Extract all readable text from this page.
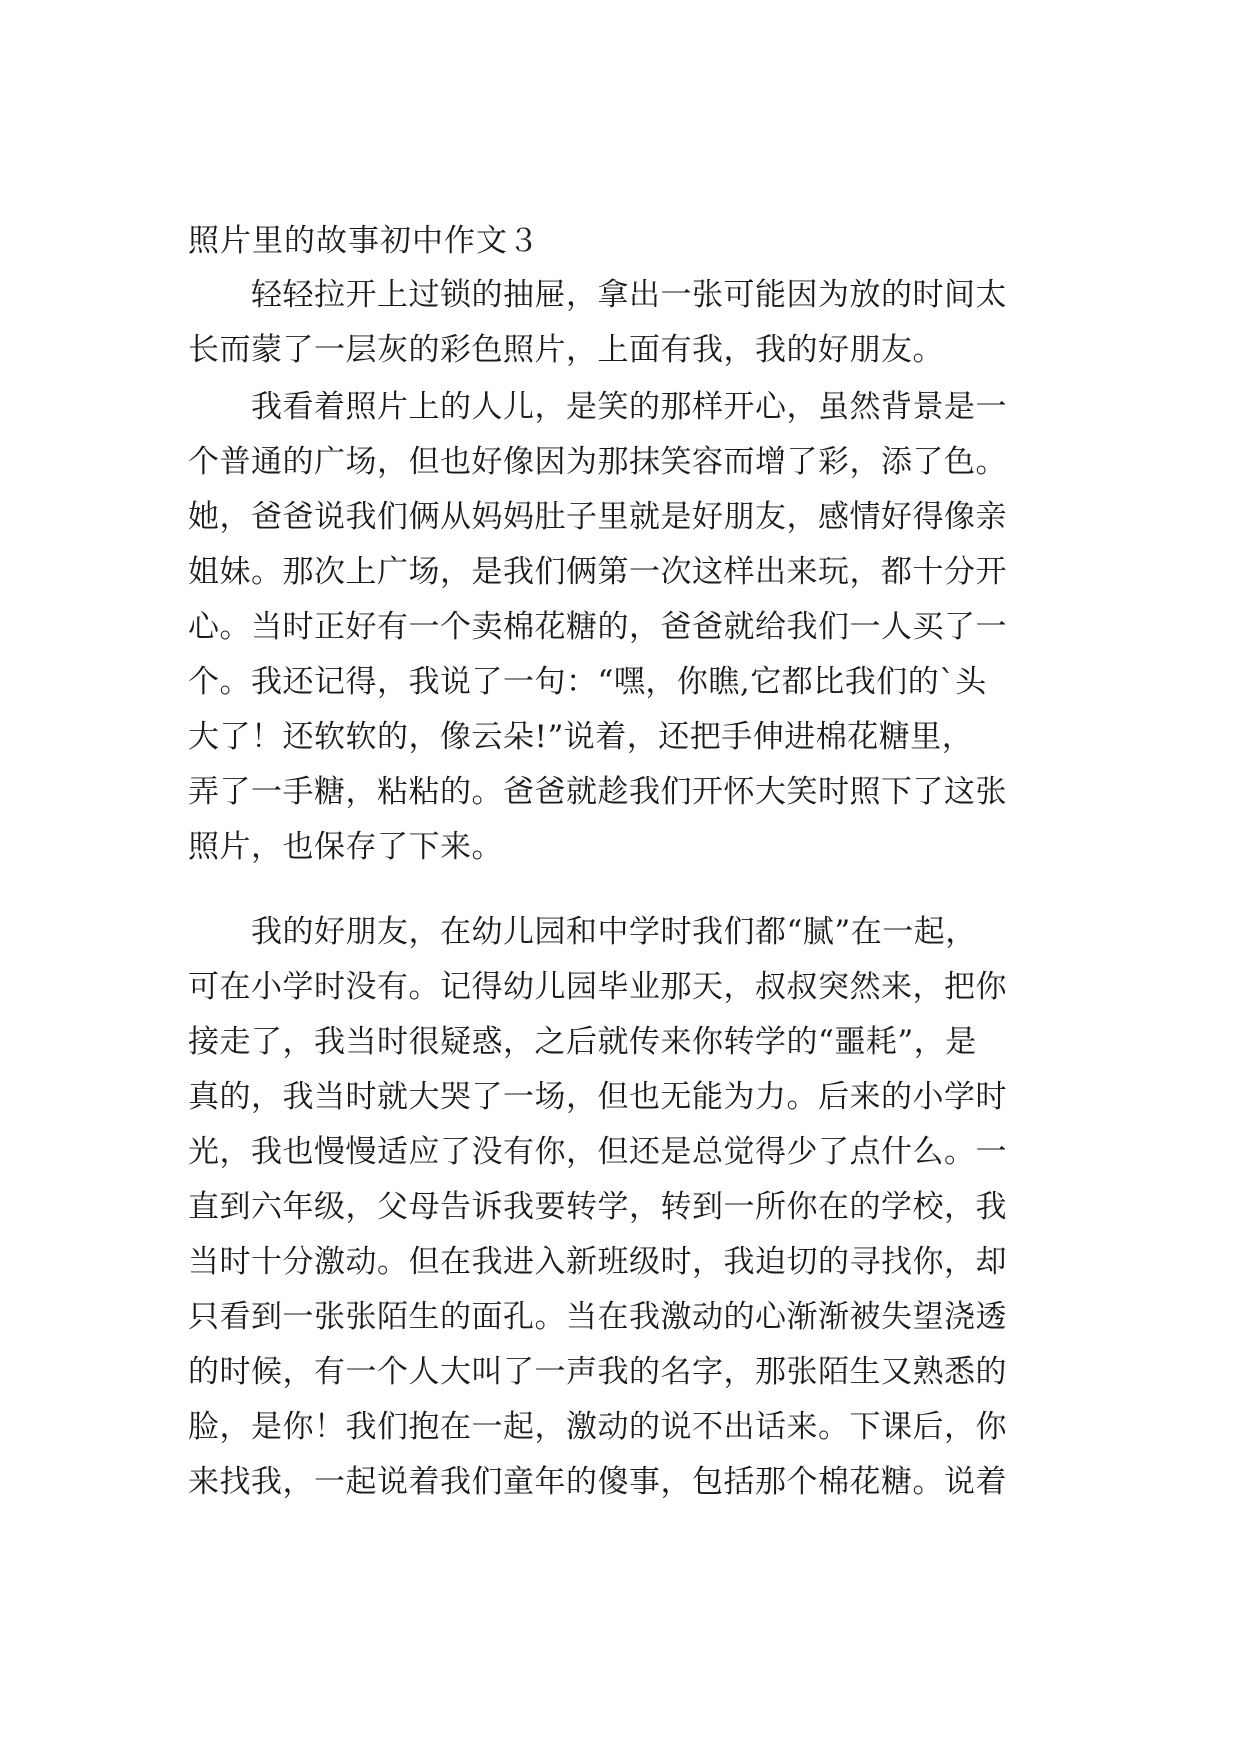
照片里的故事初中作文３
　　轻轻拉开上过锁的抽屉，拿出一张可能因为放的时间太
长而蒙了一层灰的彩色照片，上面有我，我的好朋友。
　　我看着照片上的人儿，是笑的那样开心，虽然背景是一
个普通的广场，但也好像因为那抹笑容而增了彩，添了色。
她，爸爸说我们俩从妈妈肚子里就是好朋友，感情好得像亲
姐妹。那次上广场，是我们俩第一次这样出来玩，都十分开
心。当时正好有一个卖棉花糖的，爸爸就给我们一人买了一
个。我还记得，我说了一句：“嘿，你瞧,它都比我们的`头
大了！还软软的，像云朵!”说着，还把手伸进棉花糖里，
弄了一手糖，粘粘的。爸爸就趁我们开怀大笑时照下了这张
照片，也保存了下来。
　　我的好朋友，在幼儿园和中学时我们都“腻”在一起，
可在小学时没有。记得幼儿园毕业那天，叔叔突然来，把你
接走了，我当时很疑惑，之后就传来你转学的“噩耗”，是
真的，我当时就大哭了一场，但也无能为力。后来的小学时
光，我也慢慢适应了没有你，但还是总觉得少了点什么。一
直到六年级，父母告诉我要转学，转到一所你在的学校，我
当时十分激动。但在我进入新班级时，我迫切的寻找你，却
只看到一张张陌生的面孔。当在我激动的心渐渐被失望浇透
的时候，有一个人大叫了一声我的名字，那张陌生又熟悉的
脸，是你！我们抱在一起，激动的说不出话来。下课后，你
来找我，一起说着我们童年的傻事，包括那个棉花糖。说着
